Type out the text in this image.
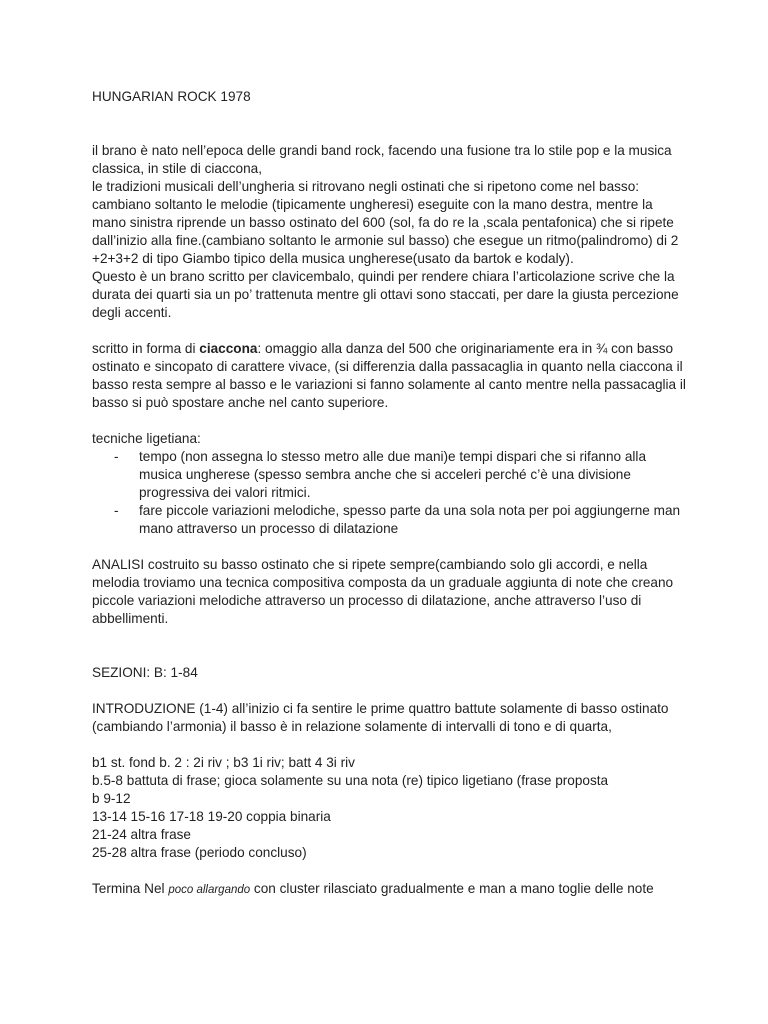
HUNGARIAN ROCK 1978

il brano è nato nell’epoca delle grandi band rock, facendo una fusione tra lo stile pop e la musica classica, in stile di ciaccona,

le tradizioni musicali dell’ungheria si ritrovano negli ostinati che si ripetono come nel basso: cambiano soltanto le melodie (tipicamente ungheresi) eseguite con la mano destra, mentre la mano sinistra riprende un basso ostinato del 600 (sol, fa do re la ,scala pentafonica) che si ripete dall’inizio alla fine.(cambiano soltanto le armonie sul basso) che esegue un ritmo(palindromo) di 2 +2+3+2 di tipo Giambo tipico della musica ungherese(usato da bartok e kodaly).

Questo è un brano scritto per clavicembalo, quindi per rendere chiara l’articolazione scrive che la durata dei quarti sia un po’ trattenuta mentre gli ottavi sono staccati, per dare la giusta percezione degli accenti.

scritto in forma di ciaccona: omaggio alla danza del 500 che originariamente era in ¾ con basso ostinato e sincopato di carattere vivace, (si differenzia dalla passacaglia in quanto nella ciaccona il basso resta sempre al basso e le variazioni si fanno solamente al canto mentre nella passacaglia il basso si può spostare anche nel canto superiore.

tecniche ligetiana:

- tempo (non assegna lo stesso metro alle due mani)e tempi dispari che si rifanno alla musica ungherese (spesso sembra anche che si acceleri perché c’è una divisione progressiva dei valori ritmici.
- fare piccole variazioni melodiche, spesso parte da una sola nota per poi aggiungerne man mano attraverso un processo di dilatazione

ANALISI costruito su basso ostinato che si ripete sempre(cambiando solo gli accordi, e nella melodia troviamo una tecnica compositiva composta da un graduale aggiunta di note che creano piccole variazioni melodiche attraverso un processo di dilatazione, anche attraverso l’uso di abbellimenti.

SEZIONI: B: 1-84

INTRODUZIONE (1-4) all’inizio ci fa sentire le prime quattro battute solamente di basso ostinato (cambiando l’armonia) il basso è in relazione solamente di intervalli di tono e di quarta,

b1 st. fond b. 2 : 2i riv ; b3 1i riv; batt 4 3i riv

b.5-8 battuta di frase; gioca solamente su una nota (re) tipico ligetiano (frase proposta

b 9-12

13-14 15-16 17-18 19-20 coppia binaria

21-24 altra frase

25-28 altra frase (periodo concluso)

Termina Nel poco allargando con cluster rilasciato gradualmente e man a mano toglie delle note
